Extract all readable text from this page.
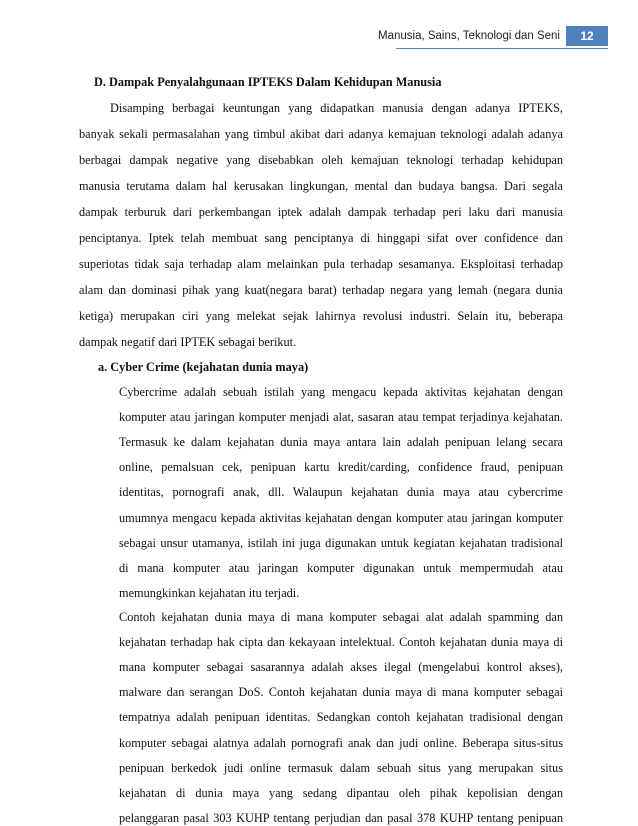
Manusia, Sains, Teknologi dan Seni	12
D. Dampak Penyalahgunaan IPTEKS Dalam Kehidupan Manusia
Disamping berbagai keuntungan yang didapatkan manusia dengan adanya IPTEKS,
banyak sekali permasalahan yang timbul akibat dari adanya kemajuan teknologi adalah adanya
berbagai dampak negative yang disebabkan oleh kemajuan teknologi terhadap kehidupan
manusia terutama dalam hal kerusakan lingkungan, mental dan budaya bangsa. Dari segala
dampak terburuk dari perkembangan iptek adalah dampak terhadap peri laku dari manusia
penciptanya. Iptek telah membuat sang penciptanya di hinggapi sifat over confidence dan
superiotas tidak saja terhadap alam melainkan pula terhadap sesamanya. Eksploitasi terhadap
alam dan dominasi pihak yang kuat(negara barat) terhadap negara yang lemah (negara dunia
ketiga) merupakan ciri yang melekat sejak lahirnya revolusi industri. Selain itu, beberapa
dampak negatif dari IPTEK sebagai berikut.
a. Cyber Crime (kejahatan dunia maya)
Cybercrime adalah sebuah istilah yang mengacu kepada aktivitas kejahatan dengan
komputer atau jaringan komputer menjadi alat, sasaran atau tempat terjadinya kejahatan.
Termasuk ke dalam kejahatan dunia maya antara lain adalah penipuan lelang secara
online, pemalsuan cek, penipuan kartu kredit/carding, confidence fraud, penipuan
identitas, pornografi anak, dll. Walaupun kejahatan dunia maya atau cybercrime
umumnya mengacu kepada aktivitas kejahatan dengan komputer atau jaringan komputer
sebagai unsur utamanya, istilah ini juga digunakan untuk kegiatan kejahatan tradisional
di mana komputer atau jaringan komputer digunakan untuk mempermudah atau
memungkinkan kejahatan itu terjadi.
Contoh kejahatan dunia maya di mana komputer sebagai alat adalah spamming dan
kejahatan terhadap hak cipta dan kekayaan intelektual. Contoh kejahatan dunia maya di
mana komputer sebagai sasarannya adalah akses ilegal (mengelabui kontrol akses),
malware dan serangan DoS. Contoh kejahatan dunia maya di mana komputer sebagai
tempatnya adalah penipuan identitas. Sedangkan contoh kejahatan tradisional dengan
komputer sebagai alatnya adalah pornografi anak dan judi online. Beberapa situs-situs
penipuan berkedok judi online termasuk dalam sebuah situs yang merupakan situs
kejahatan di dunia maya yang sedang dipantau oleh pihak kepolisian dengan
pelanggaran pasal 303 KUHP tentang perjudian dan pasal 378 KUHP tentang penipuan
